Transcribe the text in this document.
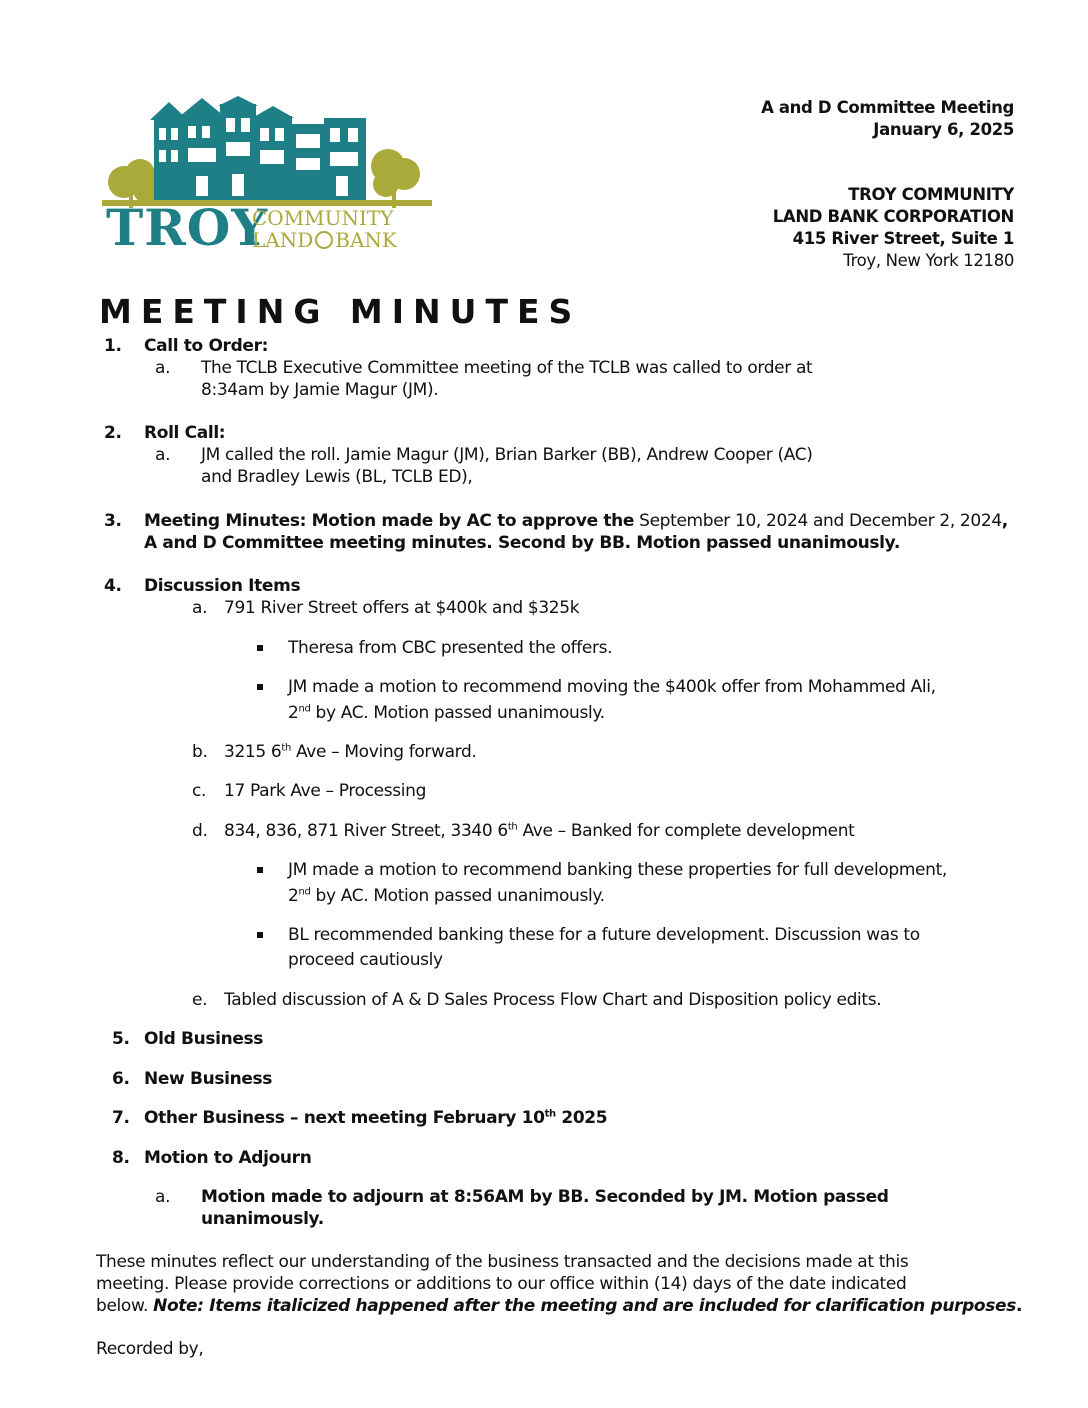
TROY
COMMUNITY
LAND BANK
A and D Committee Meeting
January 6, 2025
TROY COMMUNITY
LAND BANK CORPORATION
415 River Street, Suite 1
Troy, New York 12180
MEETING MINUTES
1. Call to Order:
a. The TCLB Executive Committee meeting of the TCLB was called to order at
8:34am by Jamie Magur (JM).
2. Roll Call:
a. JM called the roll. Jamie Magur (JM), Brian Barker (BB), Andrew Cooper (AC)
and Bradley Lewis (BL, TCLB ED),
3. Meeting Minutes: Motion made by AC to approve the September 10, 2024 and December 2, 2024,
A and D Committee meeting minutes. Second by BB. Motion passed unanimously.
4. Discussion Items
a. 791 River Street offers at $400k and $325k
Theresa from CBC presented the offers.
JM made a motion to recommend moving the $400k offer from Mohammed Ali,
2nd by AC. Motion passed unanimously.
b. 3215 6th Ave – Moving forward.
c. 17 Park Ave – Processing
d. 834, 836, 871 River Street, 3340 6th Ave – Banked for complete development
JM made a motion to recommend banking these properties for full development,
2nd by AC. Motion passed unanimously.
BL recommended banking these for a future development. Discussion was to
proceed cautiously
e. Tabled discussion of A & D Sales Process Flow Chart and Disposition policy edits.
5. Old Business
6. New Business
7. Other Business – next meeting February 10th 2025
8. Motion to Adjourn
a. Motion made to adjourn at 8:56AM by BB. Seconded by JM. Motion passed
unanimously.
These minutes reflect our understanding of the business transacted and the decisions made at this
meeting. Please provide corrections or additions to our office within (14) days of the date indicated
below. Note: Items italicized happened after the meeting and are included for clarification purposes.
Recorded by,
